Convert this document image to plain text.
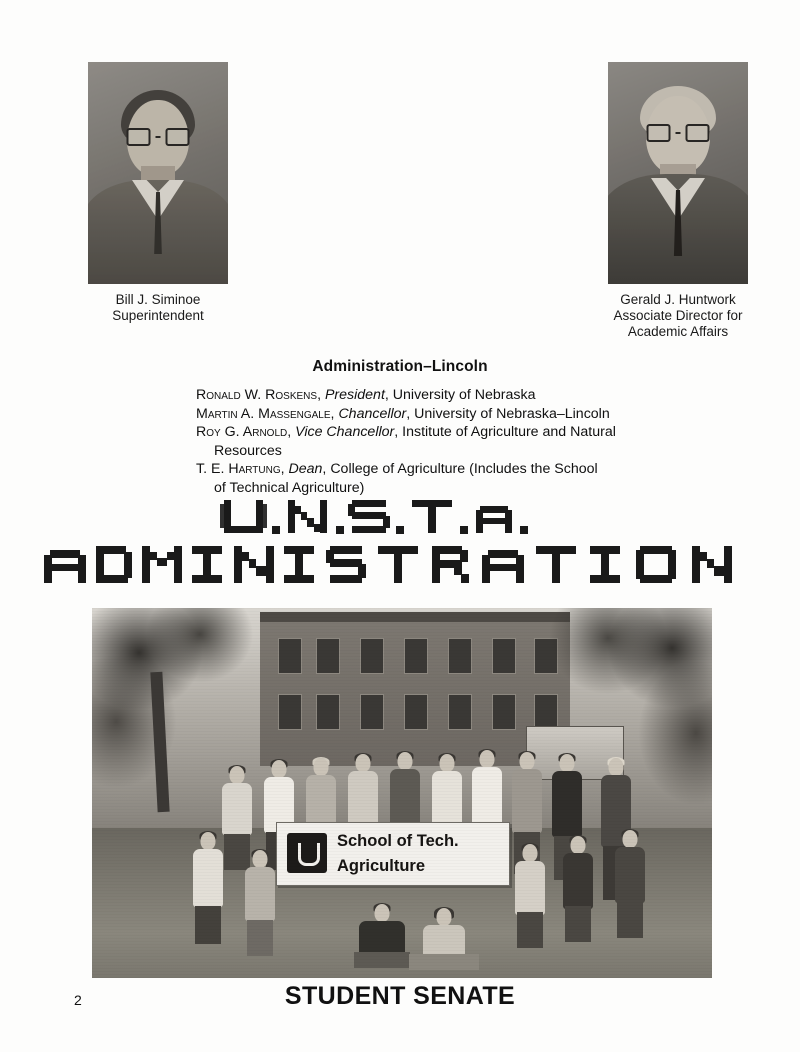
Bill J. Siminoe
Superintendent
Gerald J. Huntwork
Associate Director for
Academic Affairs
Administration–Lincoln
Ronald W. Roskens, President, University of Nebraska
Martin A. Massengale, Chancellor, University of Nebraska–Lincoln
Roy G. Arnold, Vice Chancellor, Institute of Agriculture and Natural
Resources
T. E. Hartung, Dean, College of Agriculture (Includes the School
of Technical Agriculture)
School of Tech.
Agriculture
2	STUDENT SENATE
